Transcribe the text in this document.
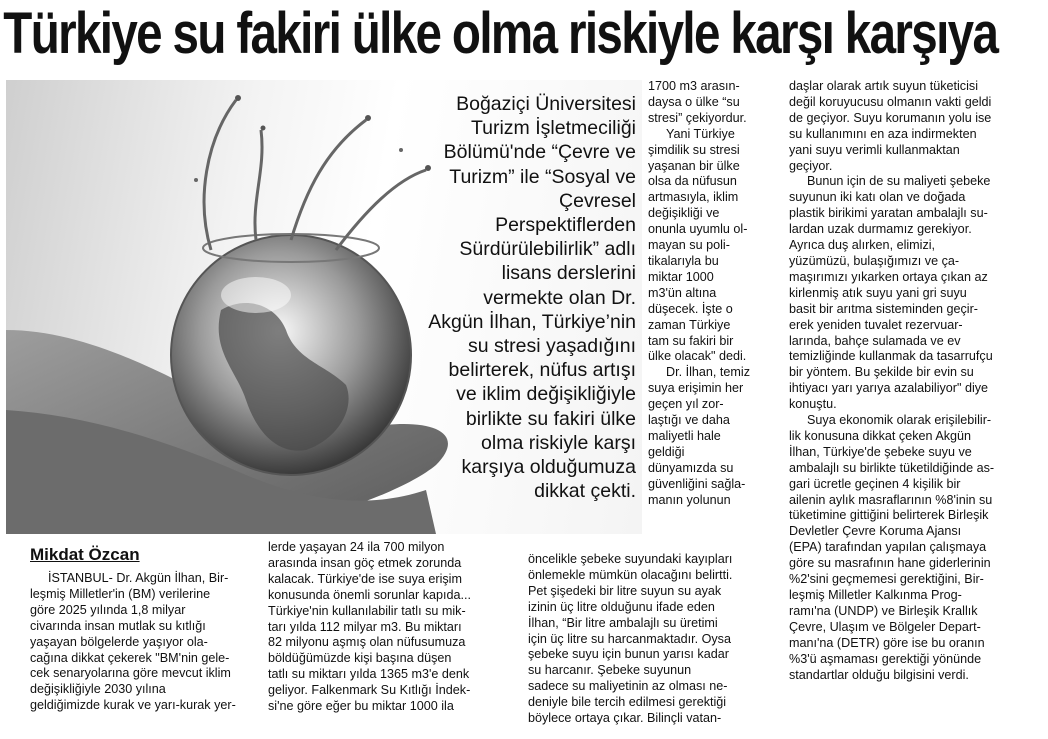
Türkiye su fakiri ülke olma riskiyle karşı karşıya
Boğaziçi Üniversitesi
Turizm İşletmeciliği
Bölümü'nde “Çevre ve
Turizm” ile “Sosyal ve
Çevresel
Perspektiflerden
Sürdürülebilirlik” adlı
lisans derslerini
vermekte olan Dr.
Akgün İlhan, Türkiye’nin
su stresi yaşadığını
belirterek, nüfus artışı
ve iklim değişikliğiyle
birlikte su fakiri ülke
olma riskiyle karşı
karşıya olduğumuza
dikkat çekti.
Mikdat Özcan
İSTANBUL- Dr. Akgün İlhan, Bir-
leşmiş Milletler'in (BM) verilerine
göre 2025 yılında 1,8 milyar
civarında insan mutlak su kıtlığı
yaşayan bölgelerde yaşıyor ola-
cağına dikkat çekerek "BM'nin gele-
cek senaryolarına göre mevcut iklim
değişikliğiyle 2030 yılına
geldiğimizde kurak ve yarı-kurak yer-
lerde yaşayan 24 ila 700 milyon
arasında insan göç etmek zorunda
kalacak. Türkiye'de ise suya erişim
konusunda önemli sorunlar kapıda...
Türkiye'nin kullanılabilir tatlı su mik-
tarı yılda 112 milyar m3. Bu miktarı
82 milyonu aşmış olan nüfusumuza
böldüğümüzde kişi başına düşen
tatlı su miktarı yılda 1365 m3'e denk
geliyor. Falkenmark Su Kıtlığı İndek-
si'ne göre eğer bu miktar 1000 ila
1700 m3 arasın-
daysa o ülke “su
stresi” çekiyordur.
Yani Türkiye
şimdilik su stresi
yaşanan bir ülke
olsa da nüfusun
artmasıyla, iklim
değişikliği ve
onunla uyumlu ol-
mayan su poli-
tikalarıyla bu
miktar 1000
m3'ün altına
düşecek. İşte o
zaman Türkiye
tam su fakiri bir
ülke olacak" dedi.
Dr. İlhan, temiz
suya erişimin her
geçen yıl zor-
laştığı ve daha
maliyetli hale
geldiği
dünyamızda su
güvenliğini sağla-
manın yolunun
öncelikle şebeke suyundaki kayıpları
önlemekle mümkün olacağını belirtti.
Pet şişedeki bir litre suyun su ayak
izinin üç litre olduğunu ifade eden
İlhan, “Bir litre ambalajlı su üretimi
için üç litre su harcanmaktadır. Oysa
şebeke suyu için bunun yarısı kadar
su harcanır. Şebeke suyunun
sadece su maliyetinin az olması ne-
deniyle bile tercih edilmesi gerektiği
böylece ortaya çıkar. Bilinçli vatan-
daşlar olarak artık suyun tüketicisi
değil koruyucusu olmanın vakti geldi
de geçiyor. Suyu korumanın yolu ise
su kullanımını en aza indirmekten
yani suyu verimli kullanmaktan
geçiyor.
Bunun için de su maliyeti şebeke
suyunun iki katı olan ve doğada
plastik birikimi yaratan ambalajlı su-
lardan uzak durmamız gerekiyor.
Ayrıca duş alırken, elimizi,
yüzümüzü, bulaşığımızı ve ça-
maşırımızı yıkarken ortaya çıkan az
kirlenmiş atık suyu yani gri suyu
basit bir arıtma sisteminden geçir-
erek yeniden tuvalet rezervuar-
larında, bahçe sulamada ve ev
temizliğinde kullanmak da tasarrufçu
bir yöntem. Bu şekilde bir evin su
ihtiyacı yarı yarıya azalabiliyor" diye
konuştu.
Suya ekonomik olarak erişilebilir-
lik konusuna dikkat çeken Akgün
İlhan, Türkiye'de şebeke suyu ve
ambalajlı su birlikte tüketildiğinde as-
gari ücretle geçinen 4 kişilik bir
ailenin aylık masraflarının %8'inin su
tüketimine gittiğini belirterek Birleşik
Devletler Çevre Koruma Ajansı
(EPA) tarafından yapılan çalışmaya
göre su masrafının hane giderlerinin
%2'sini geçmemesi gerektiğini, Bir-
leşmiş Milletler Kalkınma Prog-
ramı'na (UNDP) ve Birleşik Krallık
Çevre, Ulaşım ve Bölgeler Depart-
manı'na (DETR) göre ise bu oranın
%3'ü aşmaması gerektiği yönünde
standartlar olduğu bilgisini verdi.
